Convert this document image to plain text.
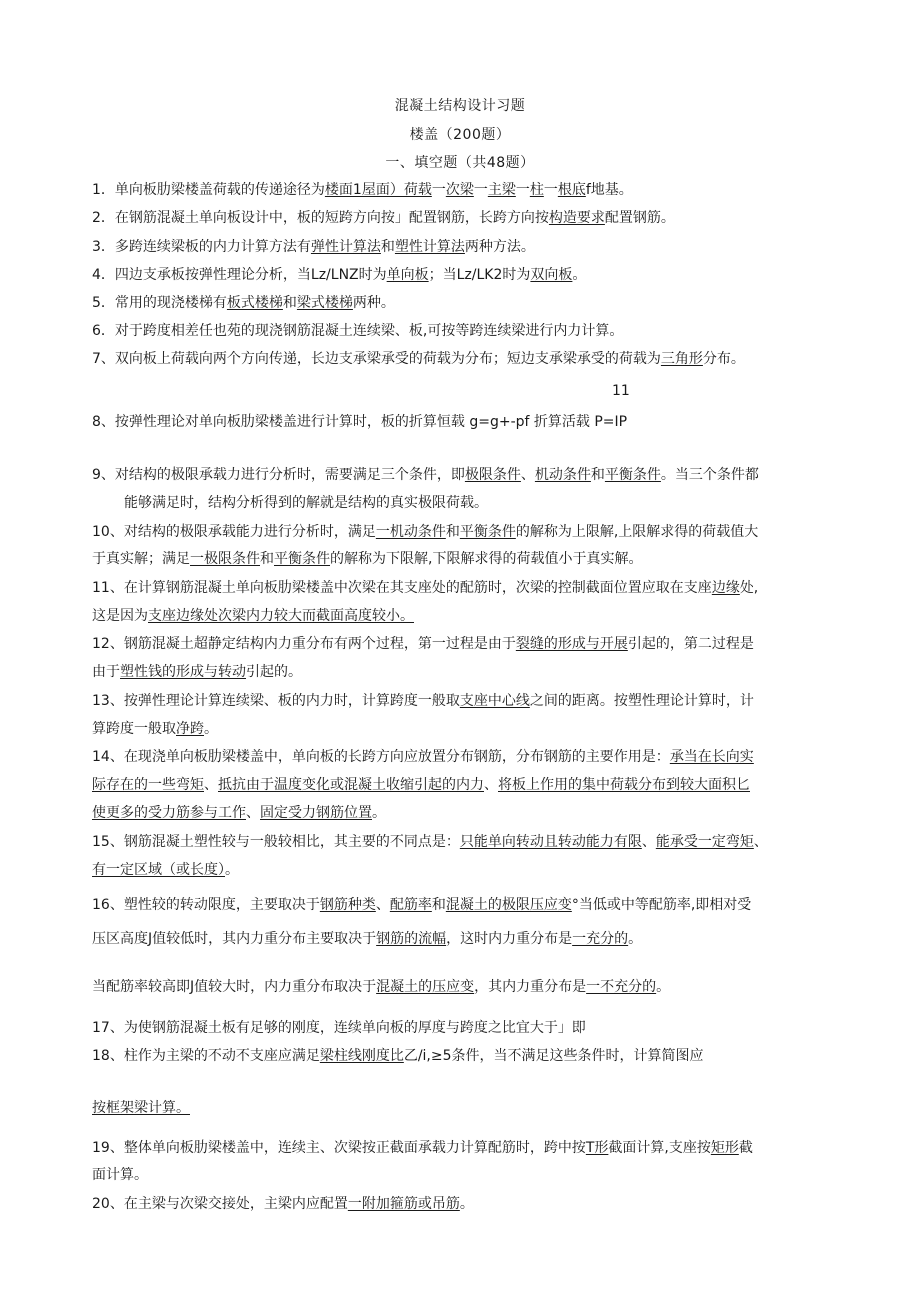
混凝土结构设计习题
楼盖（200题）
一、填空题（共48题）
1．单向板肋梁楼盖荷载的传递途径为楼面1屋面）荷载一次梁一主梁一柱一根底f地基。
2．在钢筋混凝土单向板设计中，板的短跨方向按」配置钢筋，长跨方向按构造要求配置钢筋。
3．多跨连续梁板的内力计算方法有弹性计算法和塑性计算法两种方法。
4．四边支承板按弹性理论分析，当Lz/LNZ时为单向板；当Lz/LK2时为双向板。
5．常用的现浇楼梯有板式楼梯和梁式楼梯两种。
6．对于跨度相差任也苑的现浇钢筋混凝土连续梁、板,可按等跨连续梁进行内力计算。
7、双向板上荷载向两个方向传递，长边支承梁承受的荷载为分布；短边支承梁承受的荷载为三角形分布。
11
8、按弹性理论对单向板肋梁楼盖进行计算时，板的折算恒载 g=g+-pf 折算活载 P=IP
9、对结构的极限承载力进行分析时，需要满足三个条件，即极限条件、机动条件和平衡条件。当三个条件都
能够满足时，结构分析得到的解就是结构的真实极限荷载。
10、对结构的极限承载能力进行分析时，满足一机动条件和平衡条件的解称为上限解,上限解求得的荷载值大
于真实解；满足一极限条件和平衡条件的解称为下限解,下限解求得的荷载值小于真实解。
11、在计算钢筋混凝土单向板肋梁楼盖中次梁在其支座处的配筋时，次梁的控制截面位置应取在支座边缘处,
这是因为支座边缘处次梁内力较大而截面高度较小。
12、钢筋混凝土超静定结构内力重分布有两个过程，第一过程是由于裂缝的形成与开展引起的，第二过程是
由于塑性钱的形成与转动引起的。
13、按弹性理论计算连续梁、板的内力时，计算跨度一般取支座中心线之间的距离。按塑性理论计算时，计
算跨度一般取净跨。
14、在现浇单向板肋梁楼盖中，单向板的长跨方向应放置分布钢筋，分布钢筋的主要作用是：承当在长向实
际存在的一些弯矩、抵抗由于温度变化或混凝土收缩引起的内力、将板上作用的集中荷载分布到较大面积匕
使更多的受力筋参与工作、固定受力钢筋位置。
15、钢筋混凝土塑性较与一般较相比，其主要的不同点是：只能单向转动且转动能力有限、能承受一定弯矩、
有一定区域（或长度）。
16、塑性较的转动限度，主要取决于钢筋种类、配筋率和混凝土的极限压应变°当低或中等配筋率,即相对受
压区高度J值较低时，其内力重分布主要取决于钢筋的流幅，这时内力重分布是一充分的。
当配筋率较高即J值较大时，内力重分布取决于混凝土的压应变，其内力重分布是一不充分的。
17、为使钢筋混凝土板有足够的刚度，连续单向板的厚度与跨度之比宜大于」即
18、柱作为主梁的不动不支座应满足梁柱线刚度比乙/i,≥5条件，当不满足这些条件时，计算简图应
按框架梁计算。
19、整体单向板肋梁楼盖中，连续主、次梁按正截面承载力计算配筋时，跨中按T形截面计算,支座按矩形截
面计算。
20、在主梁与次梁交接处，主梁内应配置一附加箍筋或吊筋。
